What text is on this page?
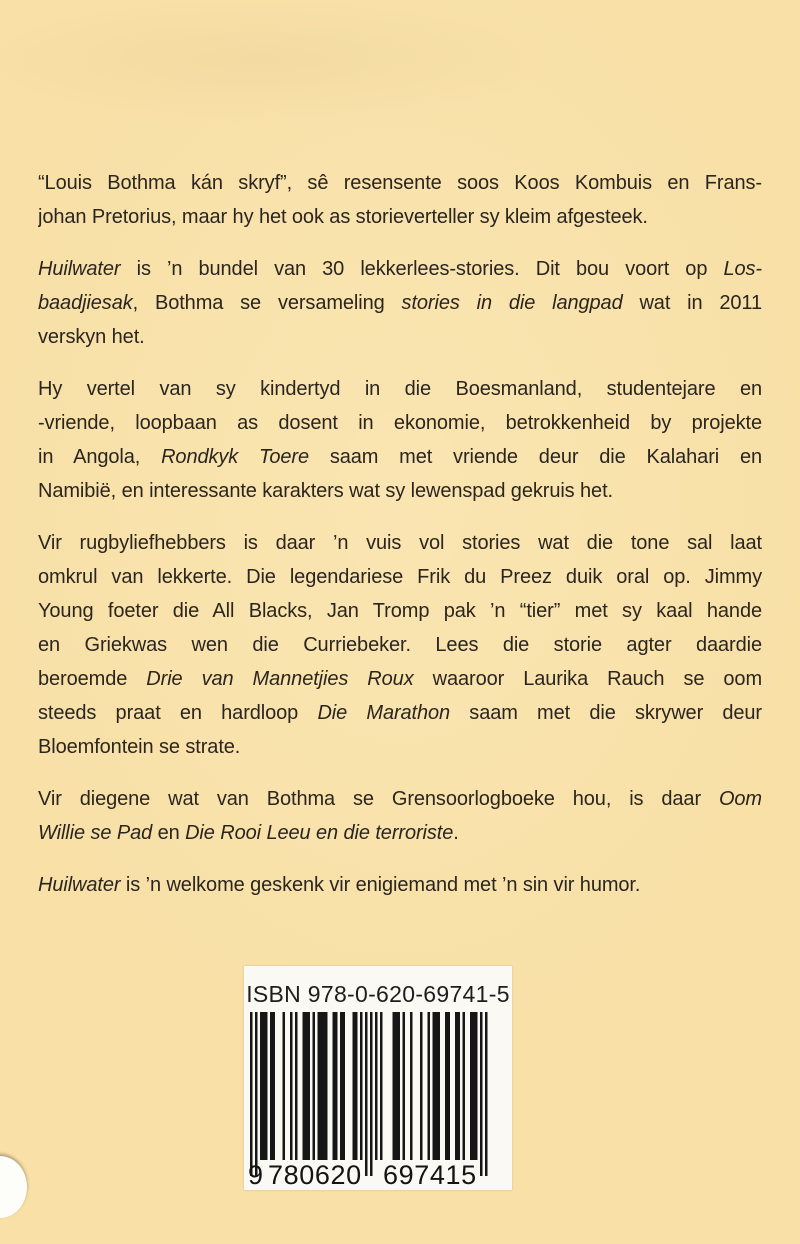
“Louis Bothma kán skryf”, sê resensente soos Koos Kombuis en Frans-
johan Pretorius, maar hy het ook as storieverteller sy kleim afgesteek.
Huilwater is ’n bundel van 30 lekkerlees-stories. Dit bou voort op Los-
baadjiesak, Bothma se versameling stories in die langpad wat in 2011
verskyn het.
Hy vertel van sy kindertyd in die Boesmanland, studentejare en
-vriende, loopbaan as dosent in ekonomie, betrokkenheid by projekte
in Angola, Rondkyk Toere saam met vriende deur die Kalahari en
Namibië, en interessante karakters wat sy lewenspad gekruis het.
Vir rugbyliefhebbers is daar ’n vuis vol stories wat die tone sal laat
omkrul van lekkerte. Die legendariese Frik du Preez duik oral op. Jimmy
Young foeter die All Blacks, Jan Tromp pak ’n “tier” met sy kaal hande
en Griekwas wen die Curriebeker. Lees die storie agter daardie
beroemde Drie van Mannetjies Roux waaroor Laurika Rauch se oom
steeds praat en hardloop Die Marathon saam met die skrywer deur
Bloemfontein se strate.
Vir diegene wat van Bothma se Grensoorlogboeke hou, is daar Oom
Willie se Pad en Die Rooi Leeu en die terroriste.
Huilwater is ’n welkome geskenk vir enigiemand met ’n sin vir humor.
ISBN 978-0-620-69741-5
9 780620 697415
